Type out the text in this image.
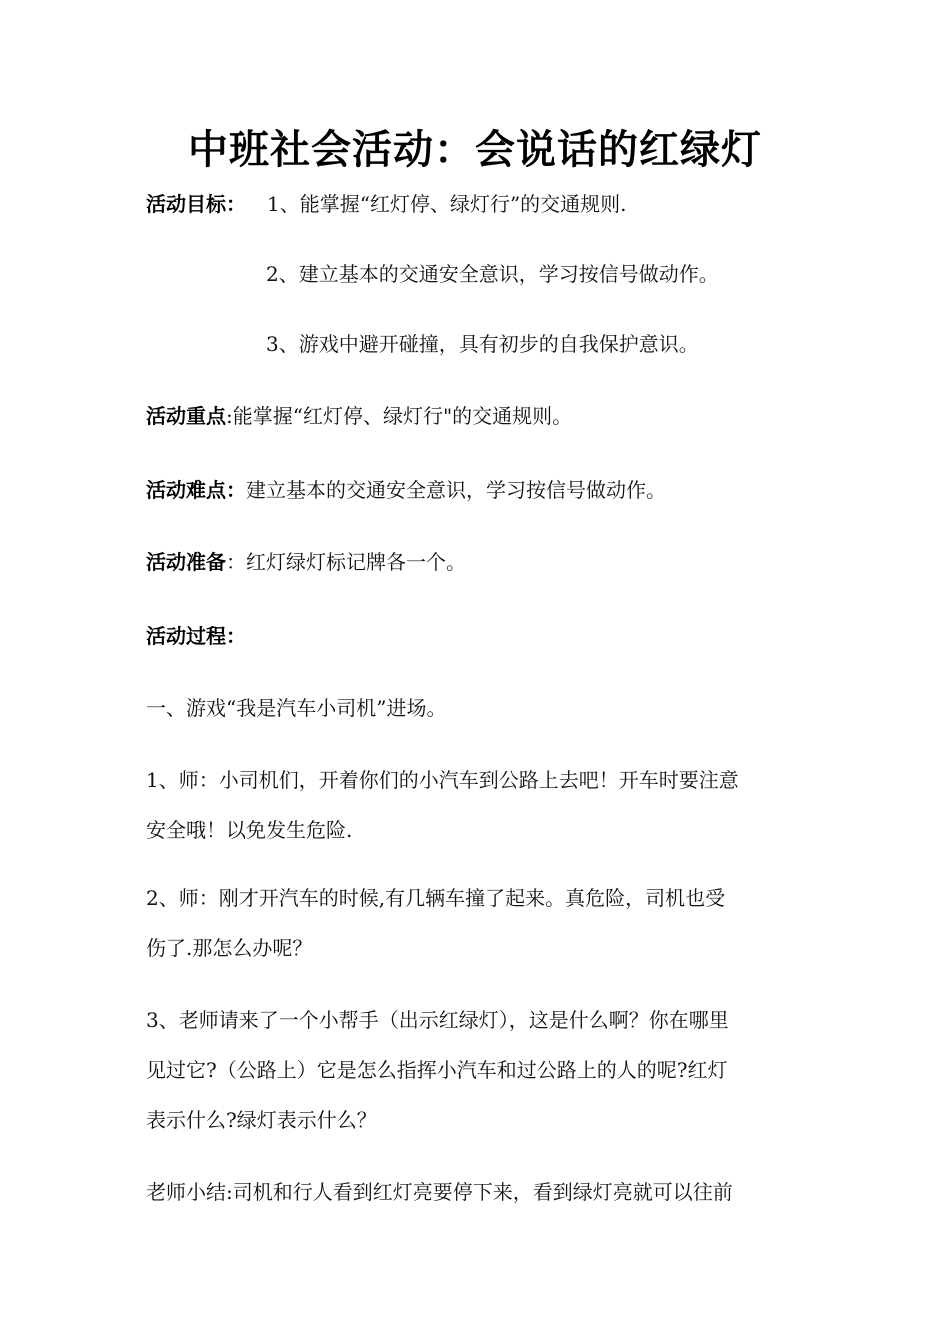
中班社会活动：会说话的红绿灯
活动目标： 1、能掌握“红灯停、绿灯行”的交通规则.
2、建立基本的交通安全意识，学习按信号做动作。
3、游戏中避开碰撞，具有初步的自我保护意识。
活动重点:能掌握“红灯停、绿灯行"的交通规则。
活动难点：建立基本的交通安全意识，学习按信号做动作。
活动准备：红灯绿灯标记牌各一个。
活动过程：
一、游戏“我是汽车小司机”进场。
1、师：小司机们，开着你们的小汽车到公路上去吧！开车时要注意
安全哦！以免发生危险.
2、师：刚才开汽车的时候,有几辆车撞了起来。真危险，司机也受
伤了.那怎么办呢？
3、老师请来了一个小帮手（出示红绿灯），这是什么啊？你在哪里
见过它?（公路上）它是怎么指挥小汽车和过公路上的人的呢?红灯
表示什么?绿灯表示什么？
老师小结:司机和行人看到红灯亮要停下来，看到绿灯亮就可以往前
